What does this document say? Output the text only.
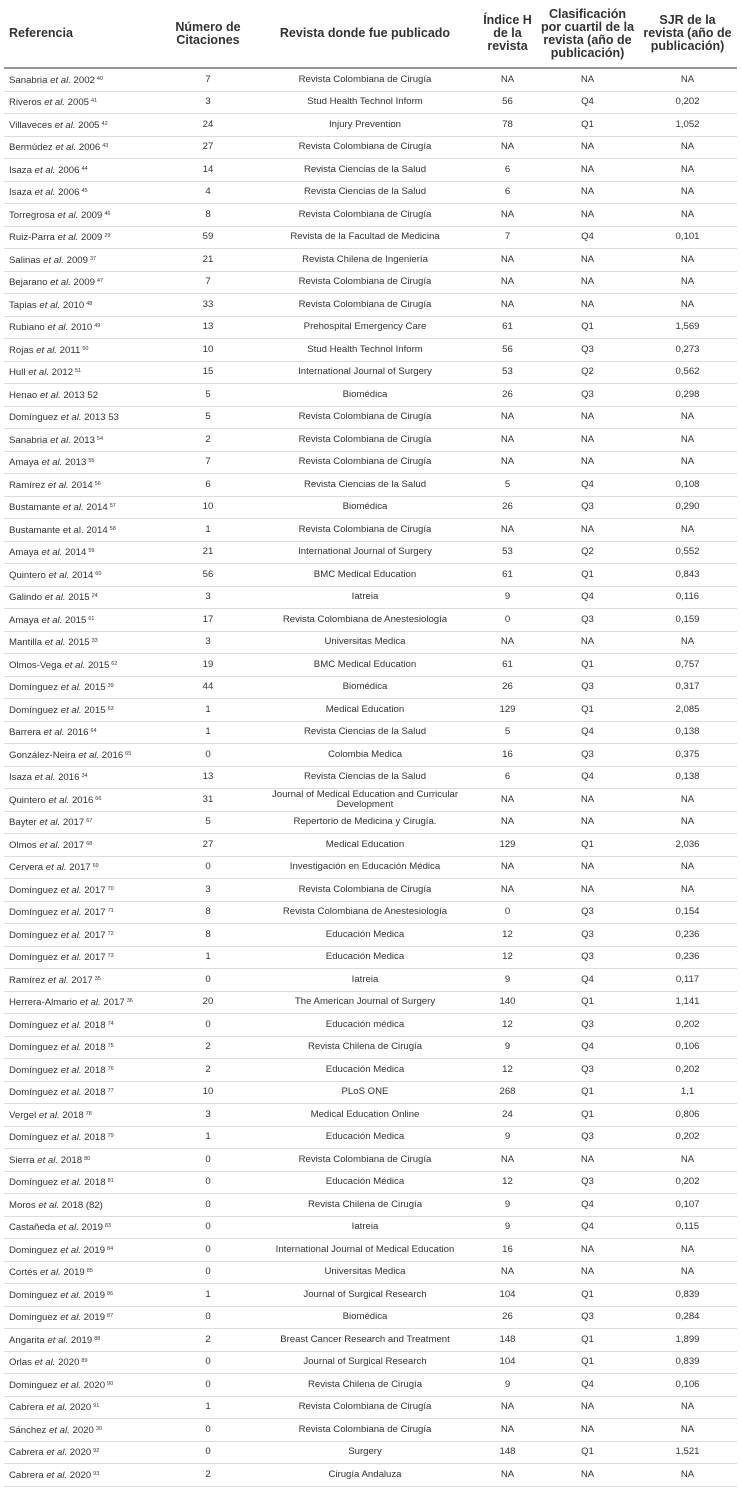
Referencia	Número de Citaciones	Revista donde fue publicado	Índice H de la revista	Clasificación por cuartil de la revista (año de publicación)	SJR de la revista (año de publicación)
Sanabria et al. 2002 $^{40}$	7	Revista Colombiana de Cirugía	NA	NA	NA
Riveros et al. 2005 $^{41}$	3	Stud Health Technol Inform	56	Q4	0,202
Villaveces et al. 2005 $^{42}$	24	Injury Prevention	78	Q1	1,052
Bermúdez et al. 2006 $^{43}$	27	Revista Colombiana de Cirugía	NA	NA	NA
Isaza et al. 2006 $^{44}$	14	Revista Ciencias de la Salud	6	NA	NA
Isaza et al. 2006 $^{45}$	4	Revista Ciencias de la Salud	6	NA	NA
Torregrosa et al. 2009 $^{46}$	8	Revista Colombiana de Cirugía	NA	NA	NA
Ruiz-Parra et al. 2009 $^{29}$	59	Revista de la Facultad de Medicina	7	Q4	0,101
Salinas et al. 2009 $^{37}$	21	Revista Chilena de Ingeniería	NA	NA	NA
Bejarano et al. 2009 $^{47}$	7	Revista Colombiana de Cirugía	NA	NA	NA
Tapias et al. 2010 $^{48}$	33	Revista Colombiana de Cirugía	NA	NA	NA
Rubiano et al. 2010 $^{49}$	13	Prehospital Emergency Care	61	Q1	1,569
Rojas et al. 2011 $^{50}$	10	Stud Health Technol Inform	56	Q3	0,273
Hull et al. 2012 $^{51}$	15	International Journal of Surgery	53	Q2	0,562
Henao et al. 2013 52	5	Biomédica	26	Q3	0,298
Domínguez et al. 2013 53	5	Revista Colombiana de Cirugía	NA	NA	NA
Sanabria et al. 2013 $^{54}$	2	Revista Colombiana de Cirugía	NA	NA	NA
Amaya et al. 2013 $^{55}$	7	Revista Colombiana de Cirugía	NA	NA	NA
Ramírez et al. 2014 $^{56}$	6	Revista Ciencias de la Salud	5	Q4	0,108
Bustamante et al. 2014 $^{57}$	10	Biomédica	26	Q3	0,290
Bustamante et al. 2014 $^{58}$	1	Revista Colombiana de Cirugía	NA	NA	NA
Amaya et al. 2014 $^{59}$	21	International Journal of Surgery	53	Q2	0,552
Quintero et al. 2014 $^{60}$	56	BMC Medical Education	61	Q1	0,843
Galindo et al. 2015 $^{24}$	3	Iatreia	9	Q4	0,116
Amaya et al. 2015 $^{61}$	17	Revista Colombiana de Anestesiología	0	Q3	0,159
Mantilla et al. 2015 $^{33}$	3	Universitas Medica	NA	NA	NA
Olmos-Vega et al. 2015 $^{62}$	19	BMC Medical Education	61	Q1	0,757
Domínguez et al. 2015 $^{39}$	44	Biomédica	26	Q3	0,317
Domínguez et al. 2015 $^{63}$	1	Medical Education	129	Q1	2,085
Barrera et al. 2016 $^{64}$	1	Revista Ciencias de la Salud	5	Q4	0,138
González-Neira et al. 2016 $^{65}$	0	Colombia Medica	16	Q3	0,375
Isaza et al. 2016 $^{34}$	13	Revista Ciencias de la Salud	6	Q4	0,138
Quintero et al. 2016 $^{66}$	31	Journal of Medical Education and Curricular Development	NA	NA	NA
Bayter et al. 2017 $^{67}$	5	Repertorio de Medicina y Cirugía.	NA	NA	NA
Olmos et al. 2017 $^{68}$	27	Medical Education	129	Q1	2,036
Cervera et al. 2017 $^{69}$	0	Investigación en Educación Médica	NA	NA	NA
Domínguez et al. 2017 $^{70}$	3	Revista Colombiana de Cirugía	NA	NA	NA
Domínguez et al. 2017 $^{71}$	8	Revista Colombiana de Anestesiología	0	Q3	0,154
Domínguez et al. 2017 $^{72}$	8	Educación Medica	12	Q3	0,236
Domínguez et al. 2017 $^{73}$	1	Educación Medica	12	Q3	0,236
Ramírez et al. 2017 $^{35}$	0	Iatreia	9	Q4	0,117
Herrera-Almario et al. 2017 $^{36}$	20	The American Journal of Surgery	140	Q1	1,141
Domínguez et al. 2018 $^{74}$	0	Educación médica	12	Q3	0,202
Domínguez et al. 2018 $^{75}$	2	Revista Chilena de Cirugía	9	Q4	0,106
Domínguez et al. 2018 $^{76}$	2	Educación Medica	12	Q3	0,202
Domínguez et al. 2018 $^{77}$	10	PLoS ONE	268	Q1	1,1
Vergel et al. 2018 $^{78}$	3	Medical Education Online	24	Q1	0,806
Domínguez et al. 2018 $^{79}$	1	Educación Medica	9	Q3	0,202
Sierra et al. 2018 $^{80}$	0	Revista Colombiana de Cirugía	NA	NA	NA
Domínguez et al. 2018 $^{81}$	0	Educación Médica	12	Q3	0,202
Moros et al. 2018 (82)	0	Revista Chilena de Cirugía	9	Q4	0,107
Castañeda et al. 2019 $^{83}$	0	Iatreia	9	Q4	0,115
Dominguez et al. 2019 $^{84}$	0	International Journal of Medical Education	16	NA	NA
Cortés et al. 2019 $^{85}$	0	Universitas Medica	NA	NA	NA
Dominguez et al. 2019 $^{86}$	1	Journal of Surgical Research	104	Q1	0,839
Dominguez et al. 2019 $^{87}$	0	Biomédica	26	Q3	0,284
Angarita et al. 2019 $^{88}$	2	Breast Cancer Research and Treatment	148	Q1	1,899
Orlas et al. 2020 $^{89}$	0	Journal of Surgical Research	104	Q1	0,839
Dominguez et al. 2020 $^{90}$	0	Revista Chilena de Cirugía	9	Q4	0,106
Cabrera et al. 2020 $^{91}$	1	Revista Colombiana de Cirugía	NA	NA	NA
Sánchez et al. 2020 $^{30}$	0	Revista Colombiana de Cirugía	NA	NA	NA
Cabrera et al. 2020 $^{92}$	0	Surgery	148	Q1	1,521
Cabrera et al. 2020 $^{93}$	2	Cirugía Andaluza	NA	NA	NA
